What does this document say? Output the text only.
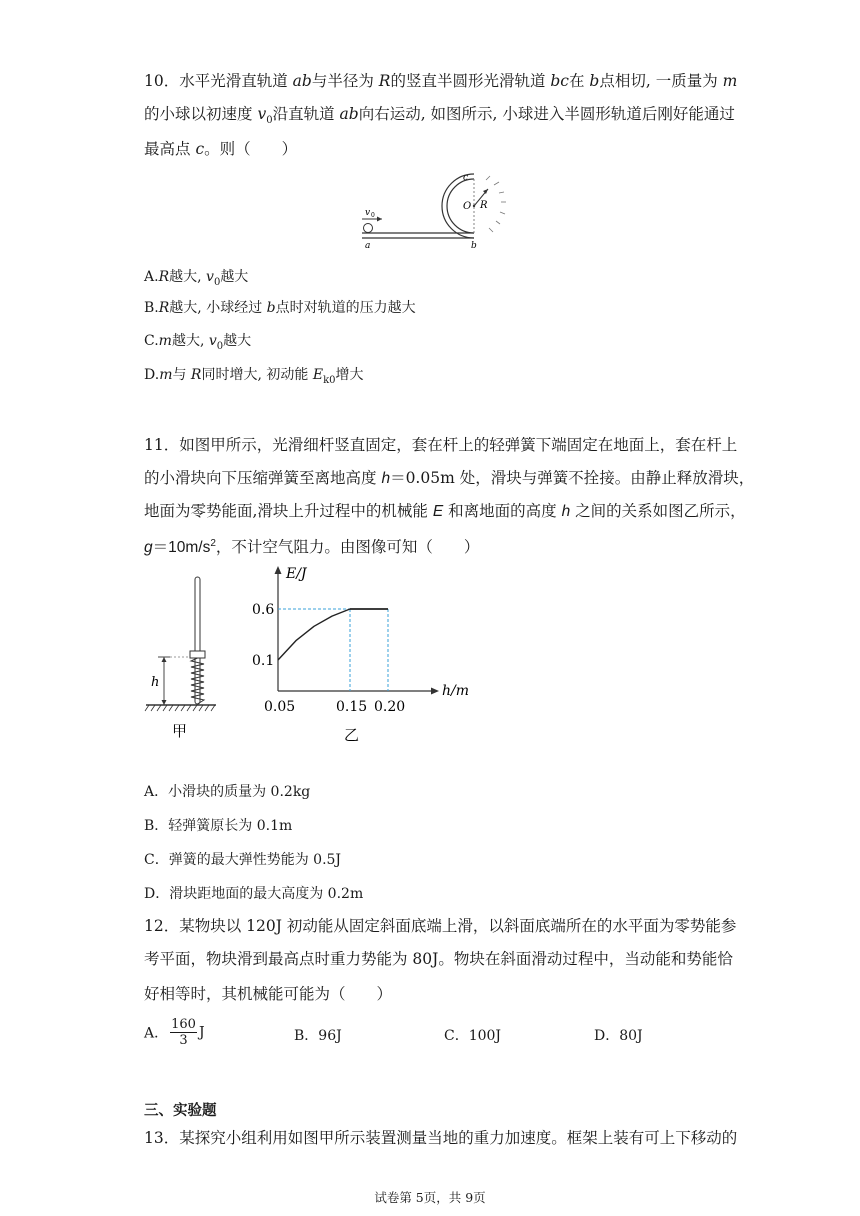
10．水平光滑直轨道 ab与半径为 R的竖直半圆形光滑轨道 bc在 b点相切, 一质量为 m
的小球以初速度 $v_0$沿直轨道 ab向右运动, 如图所示, 小球进入半圆形轨道后刚好能通过
最高点 c。则（　　）
v 0
a	b
c
O R
A.R越大, $v_0$越大
B.R越大, 小球经过 b点时对轨道的压力越大
C.m越大, $v_0$越大
D.m与 R同时增大, 初动能 $E_{k0}$增大
11．如图甲所示，光滑细杆竖直固定，套在杆上的轻弹簧下端固定在地面上，套在杆上
的小滑块向下压缩弹簧至离地高度 h＝0.05m 处，滑块与弹簧不拴接。由静止释放滑块，
地面为零势能面,滑块上升过程中的机械能 E 和离地面的高度 h 之间的关系如图乙所示，
$g=10m/s^2$，不计空气阻力。由图像可知（　　）
h
甲
E/J
h/m
0.6
0.1
0.05	0.15 0.20
乙
A．小滑块的质量为 0.2kg
B．轻弹簧原长为 0.1m
C．弹簧的最大弹性势能为 0.5J
D．滑块距地面的最大高度为 0.2m
12．某物块以 120J 初动能从固定斜面底端上滑，以斜面底端所在的水平面为零势能参
考平面，物块滑到最高点时重力势能为 80J。物块在斜面滑动过程中，当动能和势能恰
好相等时，其机械能可能为（　　）
A． $\frac{160}{3}$ J	B．96J	C．100J	D．80J
三、实验题
13．某探究小组利用如图甲所示装置测量当地的重力加速度。框架上装有可上下移动的
试卷第 5页，共 9页
